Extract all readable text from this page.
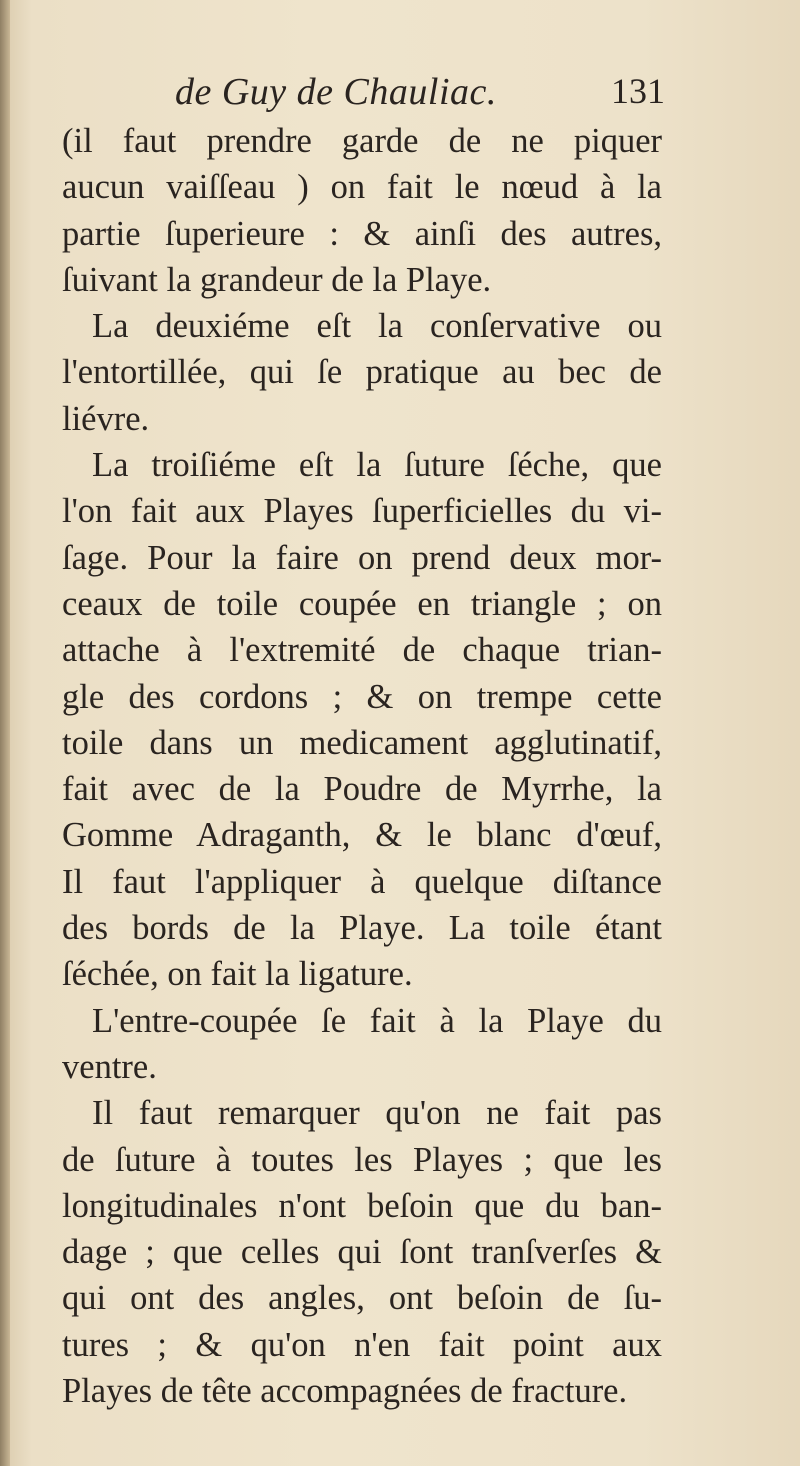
de Guy de Chauliac.	131
(il faut prendre garde de ne piquer
aucun vaiſſeau ) on fait le nœud à la
partie ſuperieure : & ainſi des autres,
ſuivant la grandeur de la Playe.
La deuxiéme eſt la conſervative ou
l'entortillée, qui ſe pratique au bec de
liévre.
La troiſiéme eſt la ſuture ſéche, que
l'on fait aux Playes ſuperficielles du vi-
ſage. Pour la faire on prend deux mor-
ceaux de toile coupée en triangle ; on
attache à l'extremité de chaque trian-
gle des cordons ; & on trempe cette
toile dans un medicament agglutinatif,
fait avec de la Poudre de Myrrhe, la
Gomme Adraganth, & le blanc d'œuf,
Il faut l'appliquer à quelque diſtance
des bords de la Playe. La toile étant
ſéchée, on fait la ligature.
L'entre-coupée ſe fait à la Playe du
ventre.
Il faut remarquer qu'on ne fait pas
de ſuture à toutes les Playes ; que les
longitudinales n'ont beſoin que du ban-
dage ; que celles qui ſont tranſverſes &
qui ont des angles, ont beſoin de ſu-
tures ; & qu'on n'en fait point aux
Playes de tête accompagnées de fracture.
